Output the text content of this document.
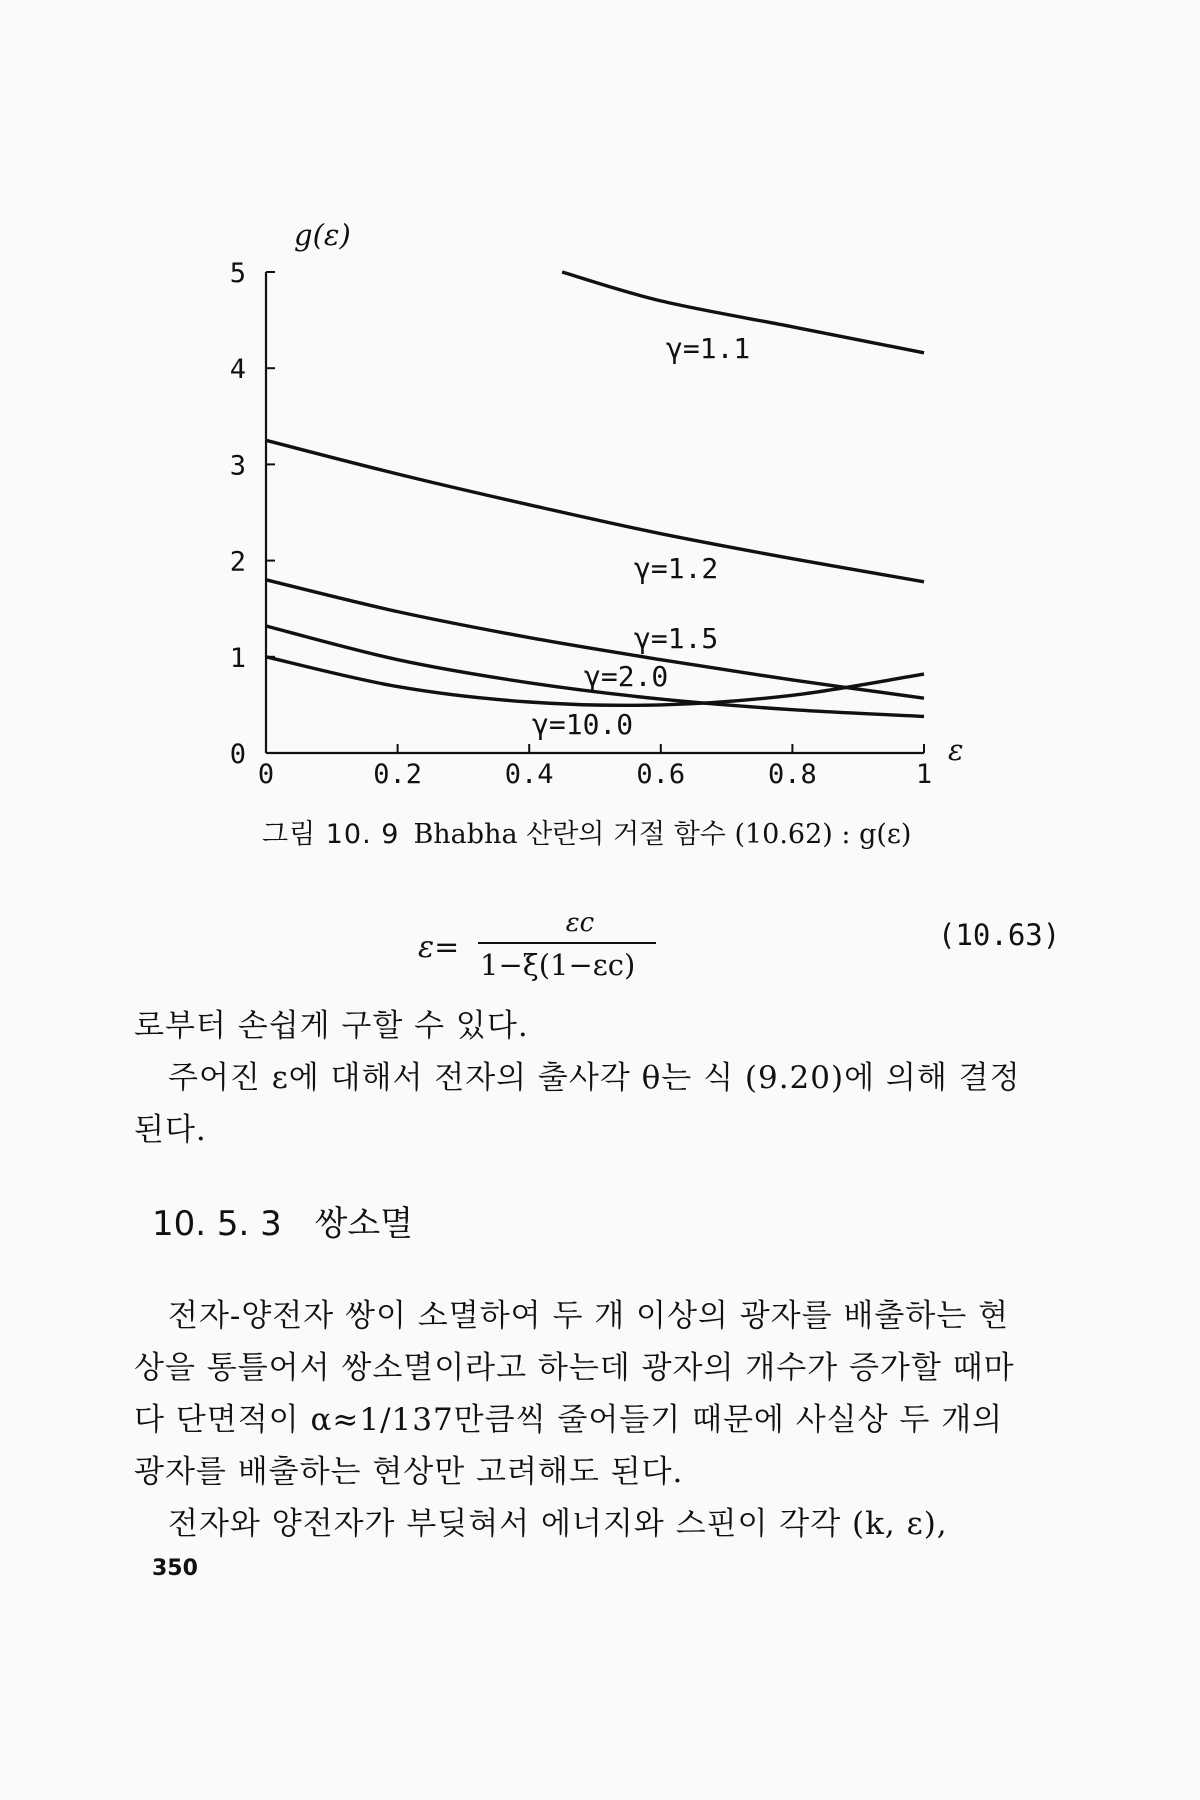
0
1
2
3
4
5
0	0.2	0.4	0.6	0.8	1
g(ε)
ε
γ=1.1
γ=1.2
γ=1.5
γ=2.0
γ=10.0
그림 10. 9 Bhabha 산란의 거절 함수 (10.62) : g(ε)
ε=
εc
1−ξ(1−εc)
(10.63)
로부터 손쉽게 구할 수 있다.
주어진 ε에 대해서 전자의 출사각 θ는 식 (9.20)에 의해 결정
된다.
10. 5. 3 쌍소멸
전자-양전자 쌍이 소멸하여 두 개 이상의 광자를 배출하는 현
상을 통틀어서 쌍소멸이라고 하는데 광자의 개수가 증가할 때마
다 단면적이 α≈1/137만큼씩 줄어들기 때문에 사실상 두 개의
광자를 배출하는 현상만 고려해도 된다.
전자와 양전자가 부딪혀서 에너지와 스핀이 각각 (k, ε),
350
